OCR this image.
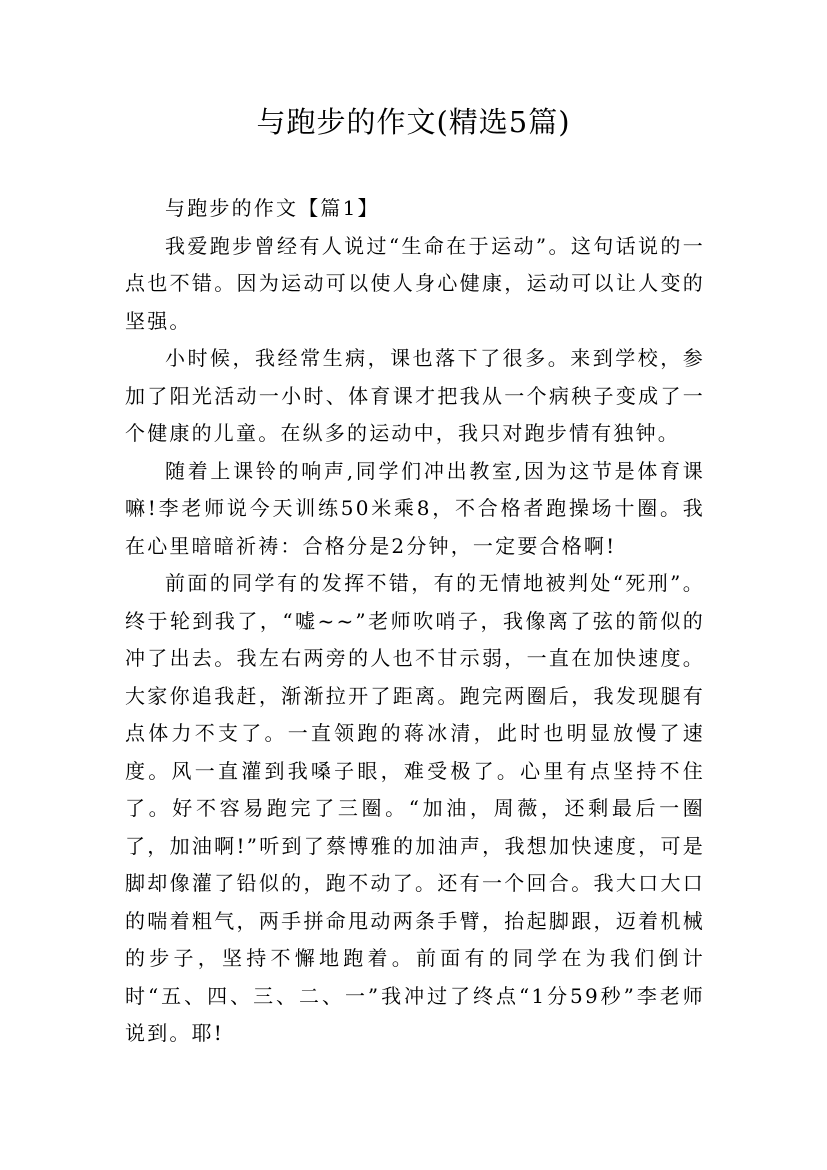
与跑步的作文(精选5篇)

与跑步的作文【篇1】

我爱跑步曾经有人说过“生命在于运动”。这句话说的一点也不错。因为运动可以使人身心健康，运动可以让人变的坚强。

小时候，我经常生病，课也落下了很多。来到学校，参加了阳光活动一小时、体育课才把我从一个病秧子变成了一个健康的儿童。在纵多的运动中，我只对跑步情有独钟。

随着上课铃的响声,同学们冲出教室,因为这节是体育课嘛!李老师说今天训练50米乘8，不合格者跑操场十圈。我在心里暗暗祈祷：合格分是2分钟，一定要合格啊!

前面的同学有的发挥不错，有的无情地被判处“死刑”。终于轮到我了，“嘘~~”老师吹哨子，我像离了弦的箭似的冲了出去。我左右两旁的人也不甘示弱，一直在加快速度。大家你追我赶，渐渐拉开了距离。跑完两圈后，我发现腿有点体力不支了。一直领跑的蒋冰清，此时也明显放慢了速度。风一直灌到我嗓子眼，难受极了。心里有点坚持不住了。好不容易跑完了三圈。“加油，周薇，还剩最后一圈了，加油啊!”听到了蔡博雅的加油声，我想加快速度，可是脚却像灌了铅似的，跑不动了。还有一个回合。我大口大口的喘着粗气，两手拼命甩动两条手臂，抬起脚跟，迈着机械的步子，坚持不懈地跑着。前面有的同学在为我们倒计时“五、四、三、二、一”我冲过了终点“1分59秒”李老师说到。耶!
